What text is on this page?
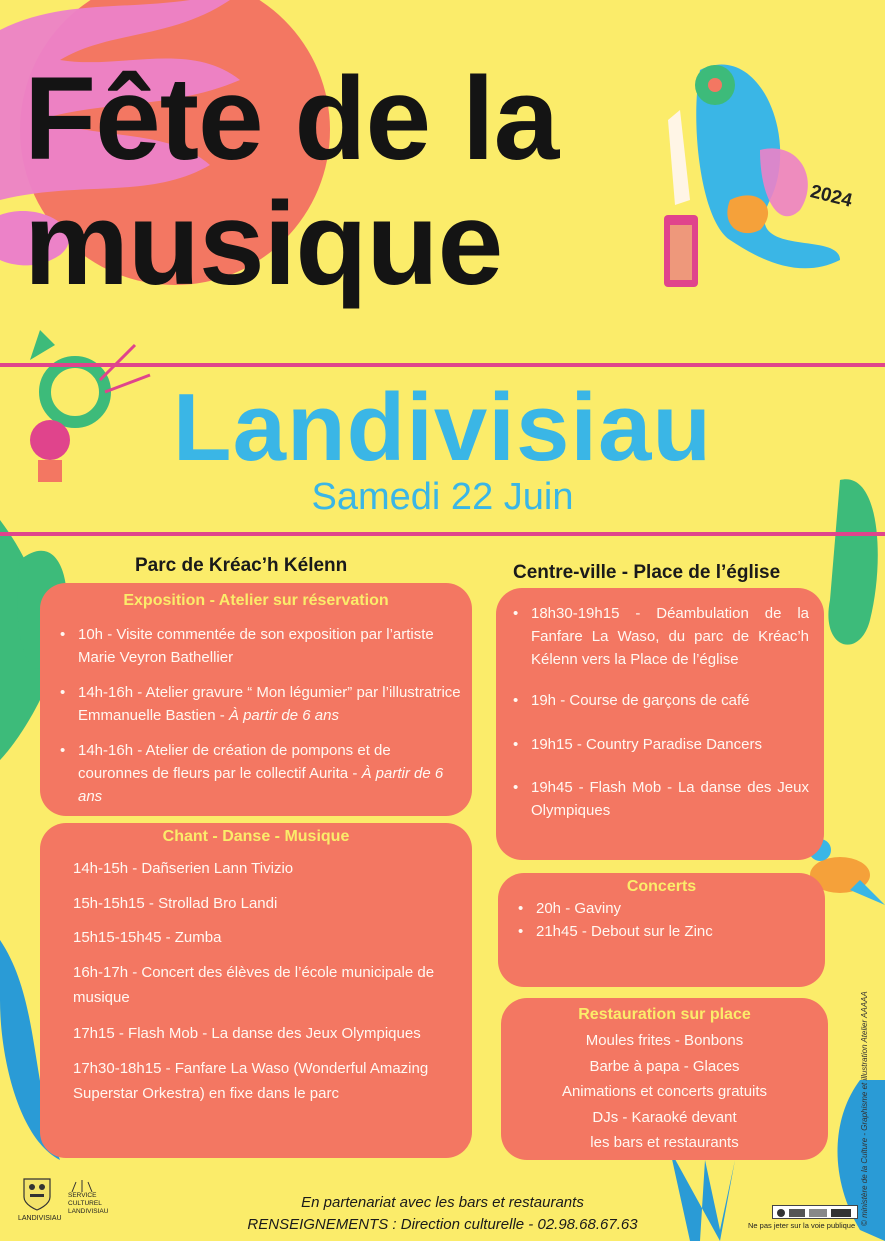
Fête de la
musique	2024
Landivisiau
Samedi 22 Juin
Parc de Kréac’h Kélenn	Centre-ville - Place de l’église
Exposition - Atelier sur réservation
• 10h - Visite commentée de son exposition par l’artiste Marie Veyron Bathellier
• 14h-16h - Atelier gravure “ Mon légumier” par l’illustratrice Emmanuelle Bastien - À partir de 6 ans
• 14h-16h - Atelier de création de pompons et de couronnes de fleurs par le collectif Aurita - À partir de 6 ans
Chant - Danse - Musique
14h-15h - Dañserien Lann Tivizio
15h-15h15 - Strollad Bro Landi
15h15-15h45 - Zumba
16h-17h - Concert des élèves de l’école municipale de musique
17h15 - Flash Mob - La danse des Jeux Olympiques
17h30-18h15 - Fanfare La Waso (Wonderful Amazing Superstar Orkestra) en fixe dans le parc
• 18h30-19h15 - Déambulation de la Fanfare La Waso, du parc de Kréac’h Kélenn vers la Place de l’église
• 19h - Course de garçons de café
• 19h15 - Country Paradise Dancers
• 19h45 - Flash Mob - La danse des Jeux Olympiques
Concerts
• 20h - Gaviny
• 21h45 - Debout sur le Zinc
Restauration sur place
Moules frites - Bonbons
Barbe à papa - Glaces
Animations et concerts gratuits
DJs - Karaoké devant
les bars et restaurants
En partenariat avec les bars et restaurants
RENSEIGNEMENTS : Direction culturelle - 02.98.68.67.63
LANDIVISIAU
SERVICE
CULTUREL
LANDIVISIAU
Ne pas jeter sur la voie publique © ministère de la Culture - Graphisme et illustration Atelier AAAAA
